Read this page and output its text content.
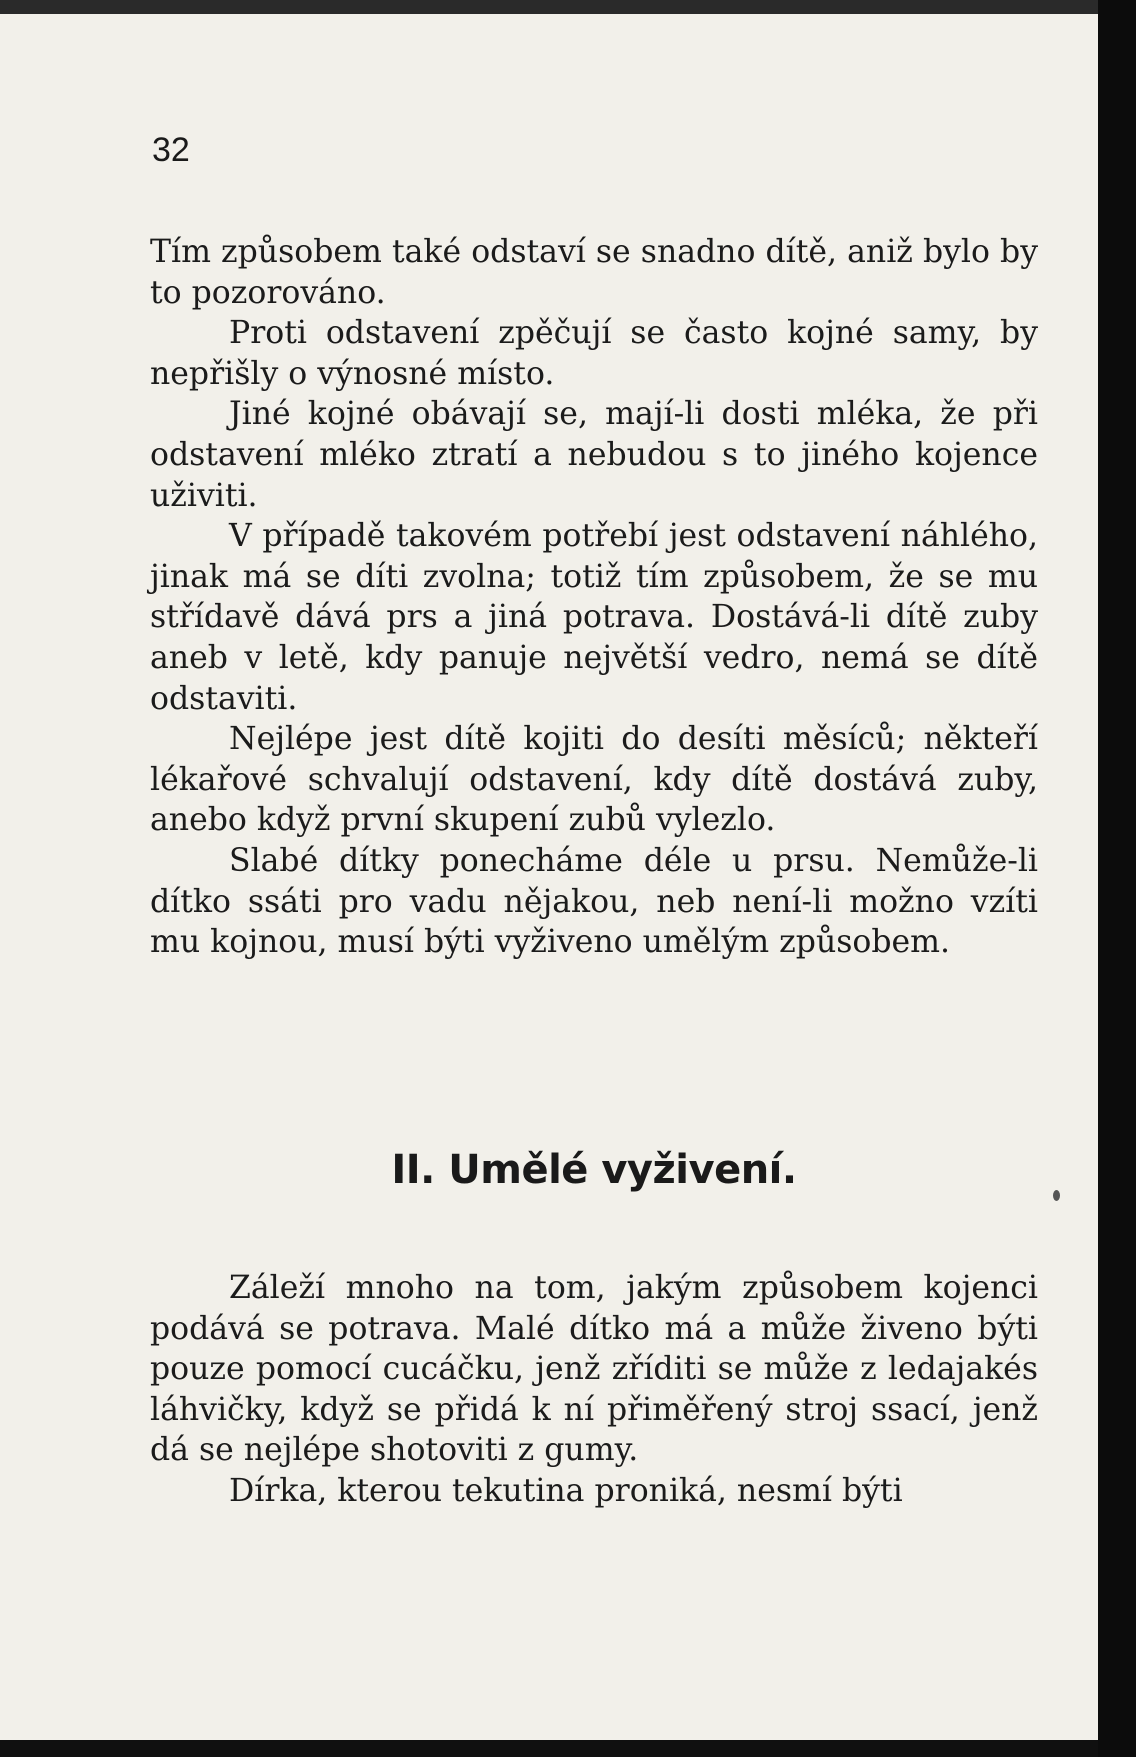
32

Tím způsobem také odstaví se snadno dítě, aniž bylo by to pozorováno.

Proti odstavení zpěčují se často kojné samy, by nepřišly o výnosné místo.

Jiné kojné obávají se, mají-li dosti mléka, že při odstavení mléko ztratí a nebudou s to jiného kojence uživiti.

V případě takovém potřebí jest odstavení náhlého, jinak má se díti zvolna; totiž tím způsobem, že se mu střídavě dává prs a jiná potrava. Dostává-li dítě zuby aneb v letě, kdy panuje největší vedro, nemá se dítě odstaviti.

Nejlépe jest dítě kojiti do desíti měsíců; někteří lékařové schvalují odstavení, kdy dítě dostává zuby, anebo když první skupení zubů vylezlo.

Slabé dítky ponecháme déle u prsu. Nemůže-li dítko ssáti pro vadu nějakou, neb není-li možno vzíti mu kojnou, musí býti vyživeno umělým způsobem.

II. Umělé vyživení.

Záleží mnoho na tom, jakým způsobem kojenci podává se potrava. Malé dítko má a může živeno býti pouze pomocí cucáčku, jenž zříditi se může z ledajakés láhvičky, když se přidá k ní přiměřený stroj ssací, jenž dá se nejlépe shotoviti z gumy.

Dírka, kterou tekutina proniká, nesmí býti
